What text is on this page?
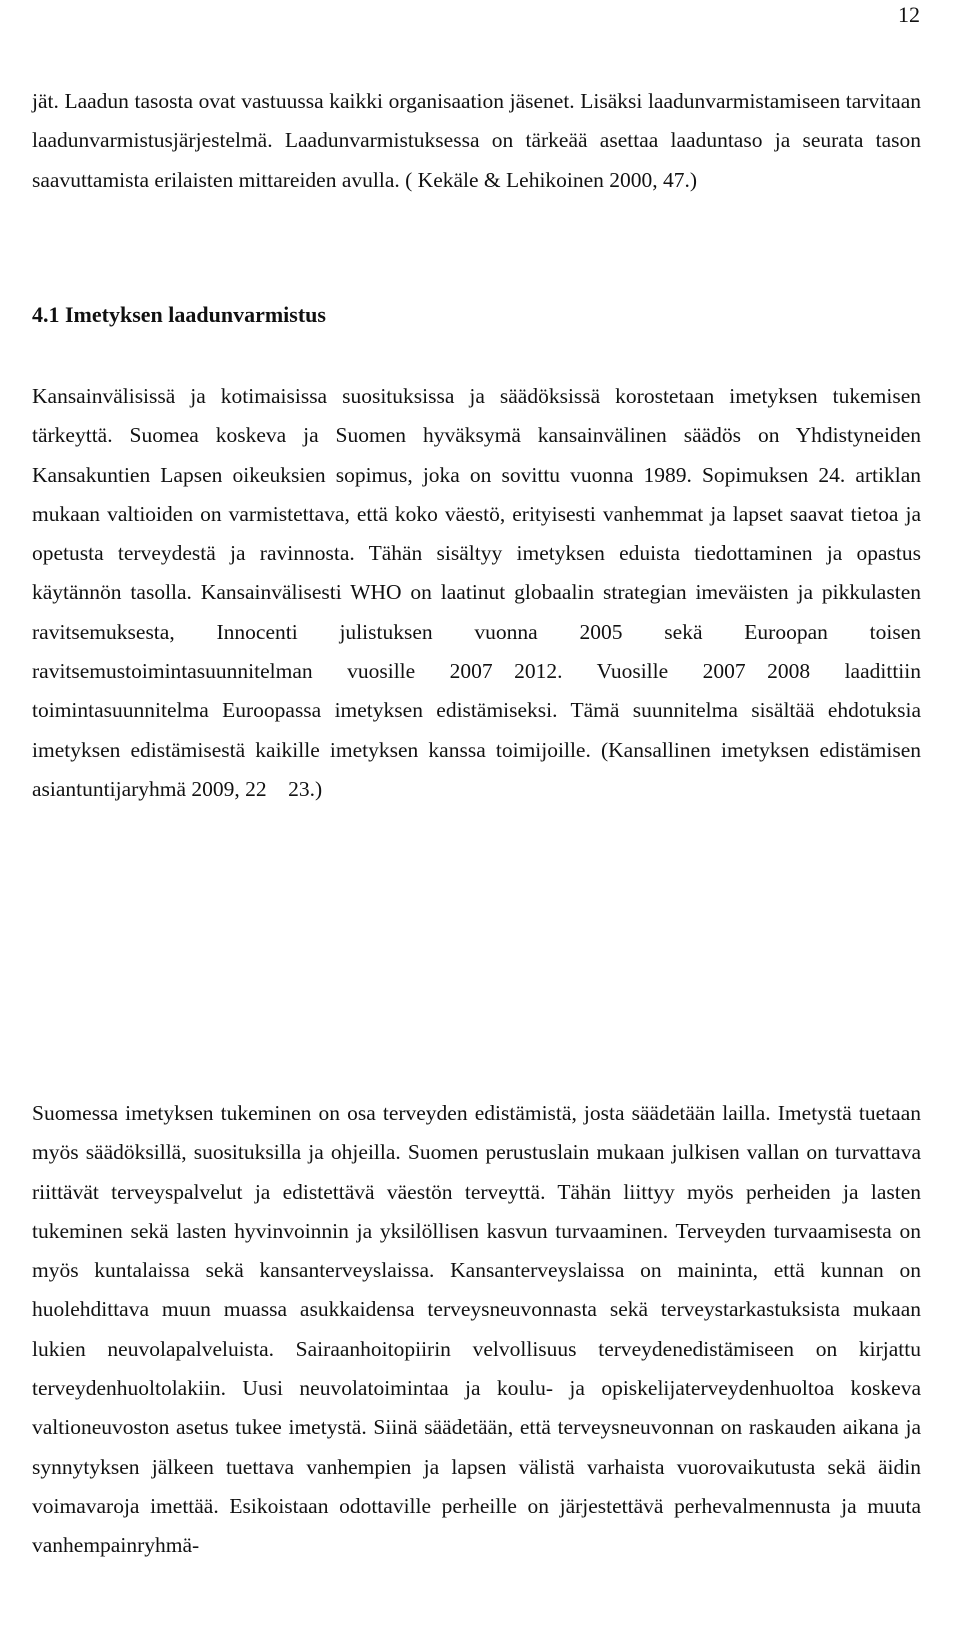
12

jät. Laadun tasosta ovat vastuussa kaikki organisaation jäsenet. Lisäksi laadunvarmistamiseen tarvitaan laadunvarmistusjärjestelmä. Laadunvarmistuksessa on tärkeää asettaa laaduntaso ja seurata tason saavuttamista erilaisten mittareiden avulla. ( Kekäle & Lehikoinen 2000, 47.)

4.1 Imetyksen laadunvarmistus

Kansainvälisissä ja kotimaisissa suosituksissa ja säädöksissä korostetaan imetyksen tukemisen tärkeyttä. Suomea koskeva ja Suomen hyväksymä kansainvälinen säädös on Yhdistyneiden Kansakuntien Lapsen oikeuksien sopimus, joka on sovittu vuonna 1989. Sopimuksen 24. artiklan mukaan valtioiden on varmistettava, että koko väestö, erityisesti vanhemmat ja lapset saavat tietoa ja opetusta terveydestä ja ravinnosta. Tähän sisältyy imetyksen eduista tiedottaminen ja opastus käytännön tasolla. Kansainvälisesti WHO on laatinut globaalin strategian imeväisten ja pikkulasten ravitsemuksesta, Innocenti julistuksen vuonna 2005 sekä Euroopan toisen ravitsemustoimintasuunnitelman vuosille 2007 2012. Vuosille 2007 2008 laadittiin toimintasuunnitelma Euroopassa imetyksen edistämiseksi. Tämä suunnitelma sisältää ehdotuksia imetyksen edistämisestä kaikille imetyksen kanssa toimijoille. (Kansallinen imetyksen edistämisen asiantuntijaryhmä 2009, 22 23.)

Suomessa imetyksen tukeminen on osa terveyden edistämistä, josta säädetään lailla. Imetystä tuetaan myös säädöksillä, suosituksilla ja ohjeilla. Suomen perustuslain mukaan julkisen vallan on turvattava riittävät terveyspalvelut ja edistettävä väestön terveyttä. Tähän liittyy myös perheiden ja lasten tukeminen sekä lasten hyvinvoinnin ja yksilöllisen kasvun turvaaminen. Terveyden turvaamisesta on myös kuntalaissa sekä kansanterveyslaissa. Kansanterveyslaissa on maininta, että kunnan on huolehdittava muun muassa asukkaidensa terveysneuvonnasta sekä terveystarkastuksista mukaan lukien neuvolapalveluista. Sairaanhoitopiirin velvollisuus terveydenedistämiseen on kirjattu terveydenhuoltolakiin. Uusi neuvolatoimintaa ja koulu- ja opiskelijaterveydenhuoltoa koskeva valtioneuvoston asetus tukee imetystä. Siinä säädetään, että terveysneuvonnan on raskauden aikana ja synnytyksen jälkeen tuettava vanhempien ja lapsen välistä varhaista vuorovaikutusta sekä äidin voimavaroja imettää. Esikoistaan odottaville perheille on järjestettävä perhevalmennusta ja muuta vanhempainryhmä-
